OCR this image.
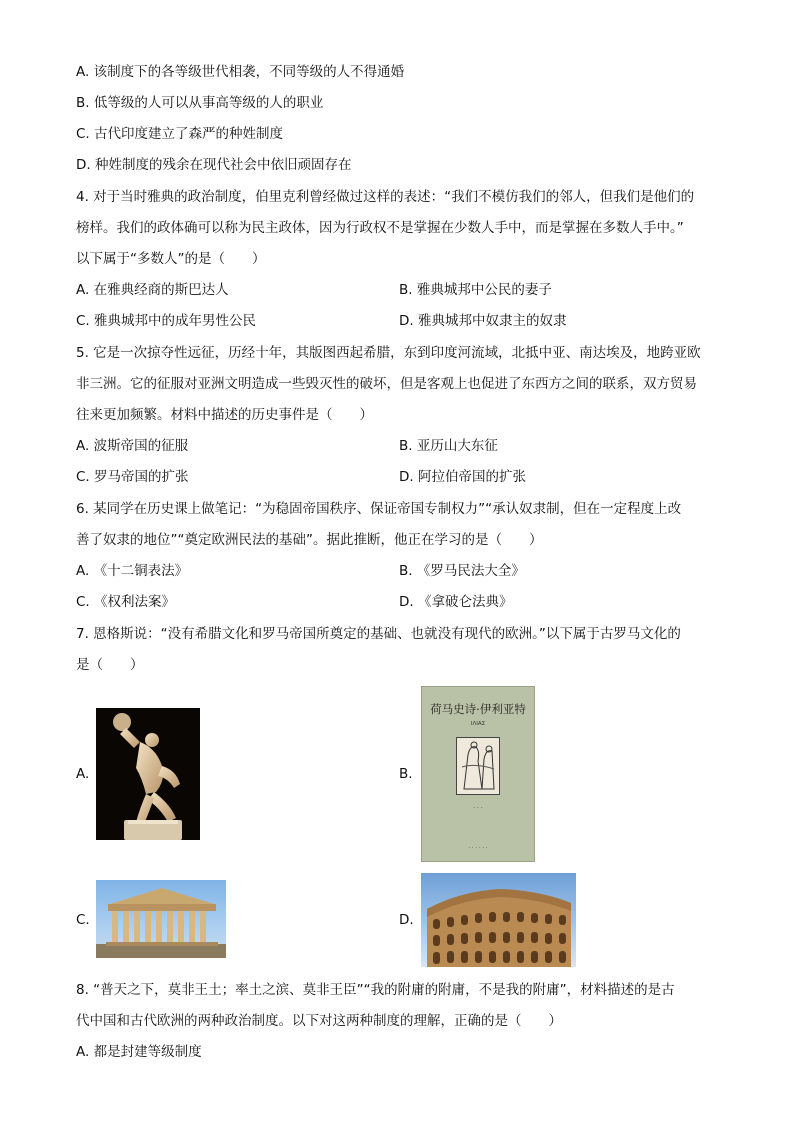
A. 该制度下的各等级世代相袭，不同等级的人不得通婚
B. 低等级的人可以从事高等级的人的职业
C. 古代印度建立了森严的种姓制度
D. 种姓制度的残余在现代社会中依旧顽固存在
4. 对于当时雅典的政治制度，伯里克利曾经做过这样的表述：“我们不模仿我们的邻人，但我们是他们的
榜样。我们的政体确可以称为民主政体，因为行政权不是掌握在少数人手中，而是掌握在多数人手中。”
以下属于“多数人”的是（　　）
A. 在雅典经商的斯巴达人	B. 雅典城邦中公民的妻子
C. 雅典城邦中的成年男性公民	D. 雅典城邦中奴隶主的奴隶
5. 它是一次掠夺性远征，历经十年，其版图西起希腊，东到印度河流域，北抵中亚、南达埃及，地跨亚欧
非三洲。它的征服对亚洲文明造成一些毁灭性的破坏，但是客观上也促进了东西方之间的联系，双方贸易
往来更加频繁。材料中描述的历史事件是（　　）
A. 波斯帝国的征服	B. 亚历山大东征
C. 罗马帝国的扩张	D. 阿拉伯帝国的扩张
6. 某同学在历史课上做笔记：“为稳固帝国秩序、保证帝国专制权力”“承认奴隶制，但在一定程度上改
善了奴隶的地位”“奠定欧洲民法的基础”。据此推断，他正在学习的是（　　）
A. 《十二铜表法》	B. 《罗马民法大全》
C. 《权利法案》	D. 《拿破仑法典》
7. 恩格斯说：“没有希腊文化和罗马帝国所奠定的基础、也就没有现代的欧洲。”以下属于古罗马文化的
是（　　）
A.	B.
荷马史诗·伊利亚特
ΙΛΙΑΣ
· · ·
· · · · · ·
C.	D.
8. “普天之下，莫非王土；率土之滨、莫非王臣”“我的附庸的附庸，不是我的附庸”，材料描述的是古
代中国和古代欧洲的两种政治制度。以下对这两种制度的理解，正确的是（　　）
A. 都是封建等级制度
